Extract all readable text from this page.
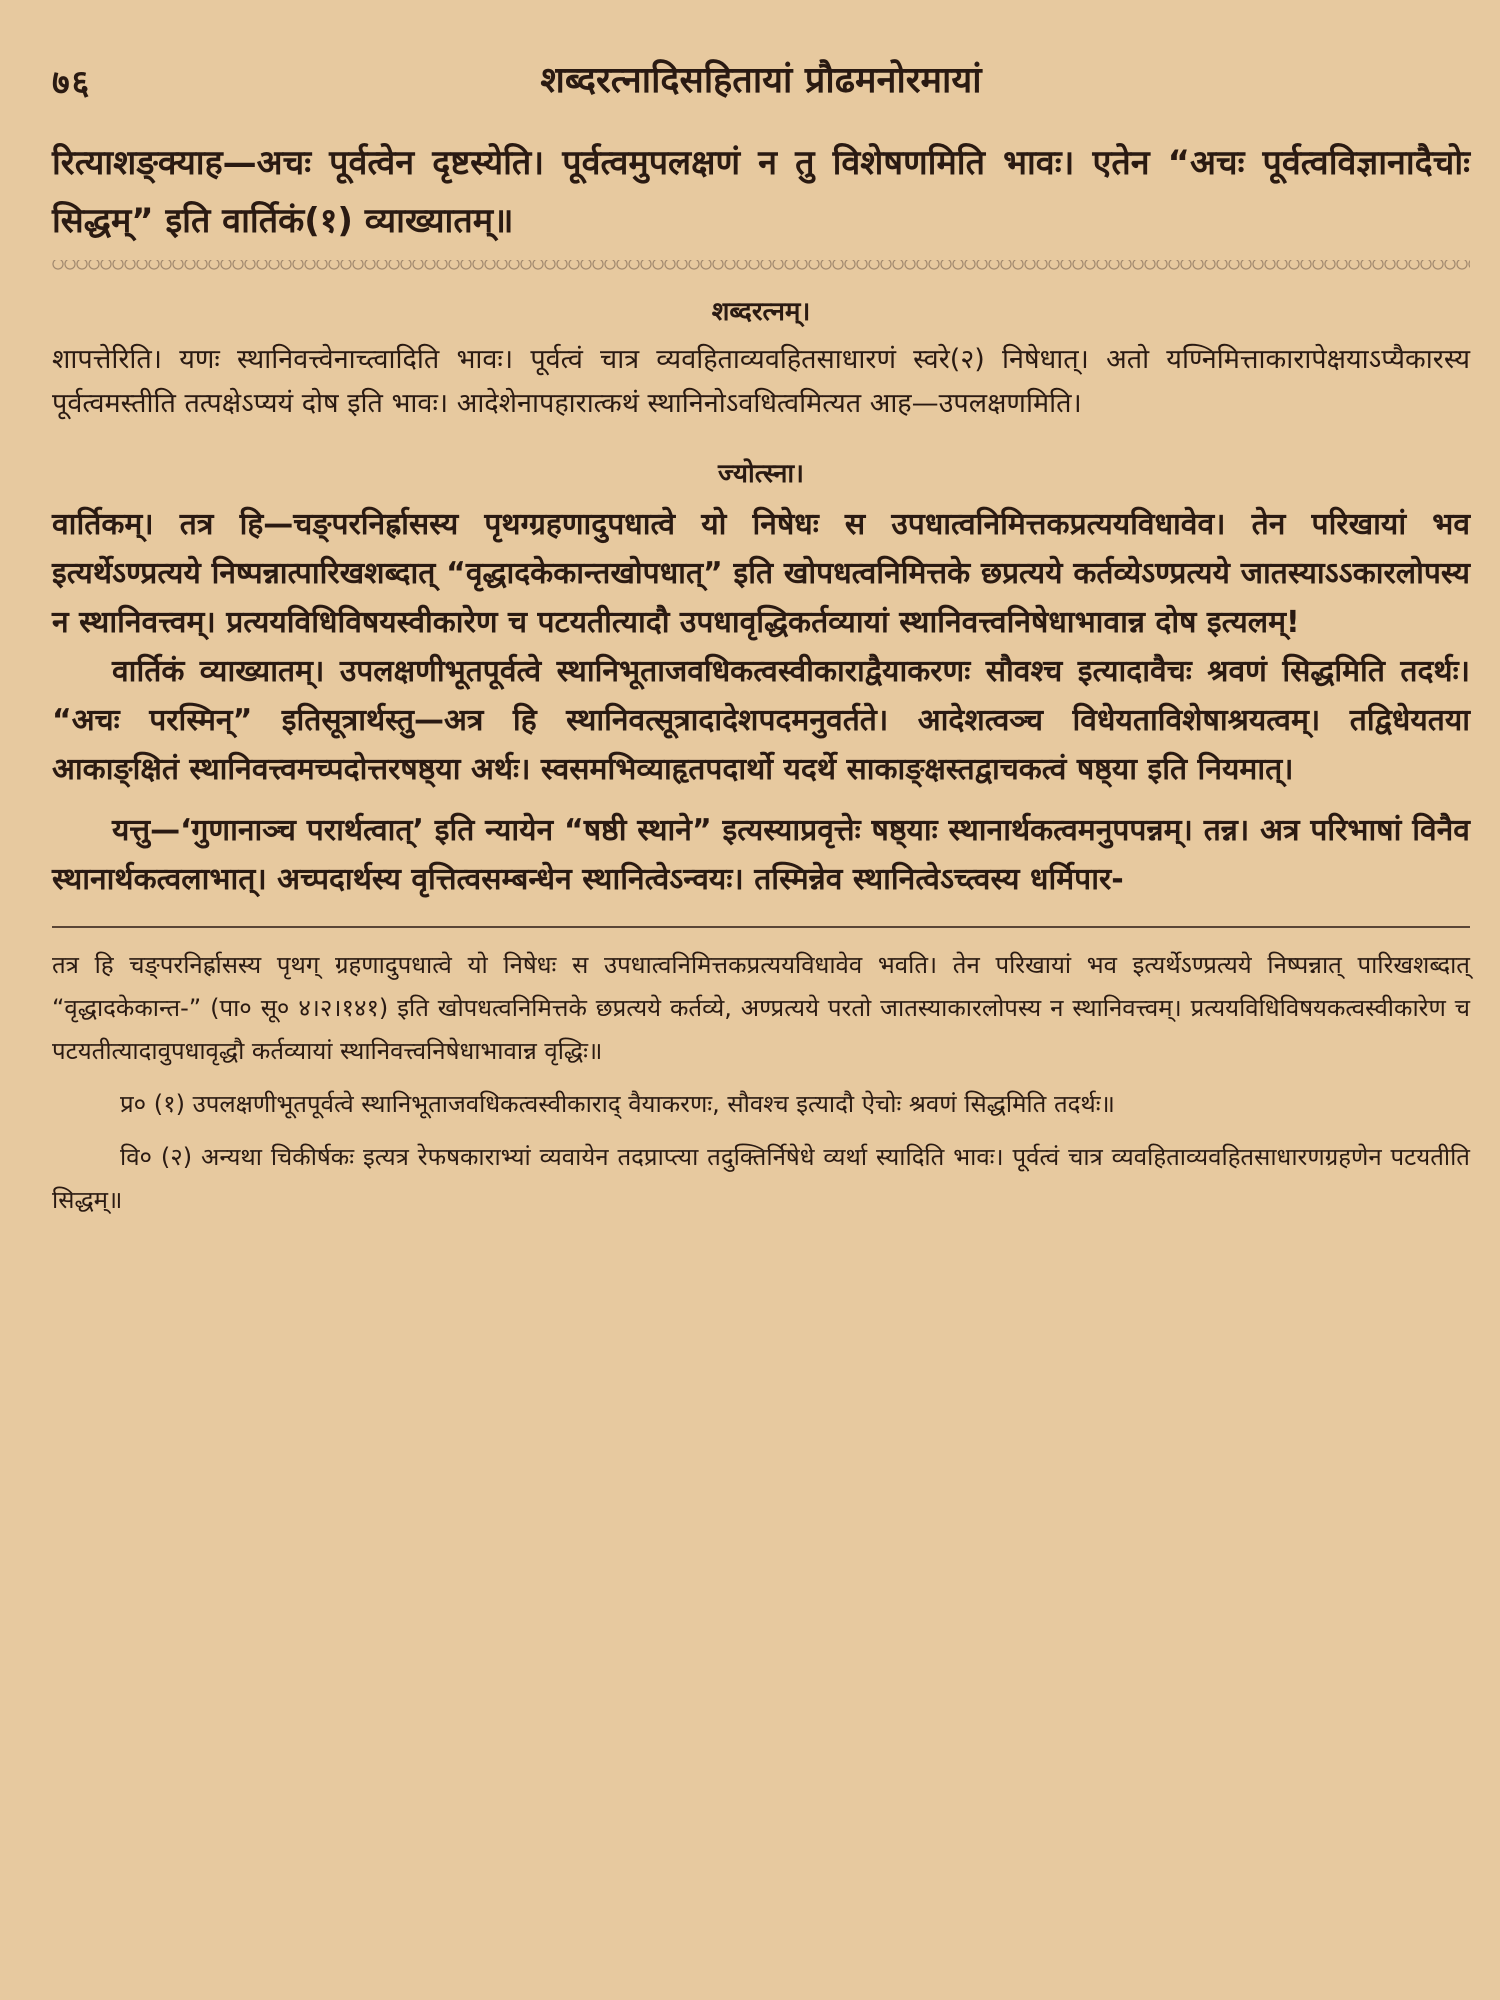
७६	शब्दरत्नादिसहितायां प्रौढमनोरमायां

रित्याशङ्क्याह—अचः पूर्वत्वेन दृष्टस्येति। पूर्वत्वमुपलक्षणं न तु विशेषणमिति भावः। एतेन “अचः पूर्वत्वविज्ञानादैचोः सिद्धम्” इति वार्तिकं(१) व्याख्यातम्॥

शब्दरत्नम्।

शापत्तेरिति। यणः स्थानिवत्त्वेनाच्त्वादिति भावः। पूर्वत्वं चात्र व्यवहिताव्यवहितसाधारणं स्वरे(२) निषेधात्। अतो यण्निमित्ताकारापेक्षयाऽप्यैकारस्य पूर्वत्वमस्तीति तत्पक्षेऽप्ययं दोष इति भावः। आदेशेनापहारात्कथं स्थानिनोऽवधित्वमित्यत आह—उपलक्षणमिति।

ज्योत्स्ना।

वार्तिकम्। तत्र हि—चङ्परनिर्ह्रासस्य पृथग्ग्रहणादुपधात्वे यो निषेधः स उपधात्वनिमित्तकप्रत्ययविधावेव। तेन परिखायां भव इत्यर्थेऽण्प्रत्यये निष्पन्नात्पारिखशब्दात् “वृद्धादकेकान्तखोपधात्” इति खोपधत्वनिमित्तके छप्रत्यये कर्तव्येऽण्प्रत्यये जातस्याऽऽकारलोपस्य न स्थानिवत्त्वम्। प्रत्ययविधिविषयस्वीकारेण च पटयतीत्यादौ उपधावृद्धिकर्तव्यायां स्थानिवत्त्वनिषेधाभावान्न दोष इत्यलम्!

वार्तिकं व्याख्यातम्। उपलक्षणीभूतपूर्वत्वे स्थानिभूताजवधिकत्वस्वीकाराद्वैयाकरणः सौवश्च इत्यादावैचः श्रवणं सिद्धमिति तदर्थः। “अचः परस्मिन्” इतिसूत्रार्थस्तु—अत्र हि स्थानिवत्सूत्रादादेशपदमनुवर्तते। आदेशत्वञ्च विधेयताविशेषाश्रयत्वम्। तद्विधेयतया आकाङ्क्षितं स्थानिवत्त्वमच्पदोत्तरषष्ठ्या अर्थः। स्वसमभिव्याहृतपदार्थो यदर्थे साकाङ्क्षस्तद्वाचकत्वं षष्ठ्या इति नियमात्।

यत्तु—‘गुणानाञ्च परार्थत्वात्’ इति न्यायेन “षष्ठी स्थाने” इत्यस्याप्रवृत्तेः षष्ठ्याः स्थानार्थकत्वमनुपपन्नम्। तन्न। अत्र परिभाषां विनैव स्थानार्थकत्वलाभात्। अच्पदार्थस्य वृत्तित्वसम्बन्धेन स्थानित्वेऽन्वयः। तस्मिन्नेव स्थानित्वेऽच्त्वस्य धर्मिपार-

तत्र हि चङ्परनिर्ह्रासस्य पृथग् ग्रहणादुपधात्वे यो निषेधः स उपधात्वनिमित्तकप्रत्ययविधावेव भवति। तेन परिखायां भव इत्यर्थेऽण्प्रत्यये निष्पन्नात् पारिखशब्दात् “वृद्धादकेकान्त-” (पा० सू० ४।२।१४१) इति खोपधत्वनिमित्तके छप्रत्यये कर्तव्ये, अण्प्रत्यये परतो जातस्याकारलोपस्य न स्थानिवत्त्वम्। प्रत्ययविधिविषयकत्वस्वीकारेण च पटयतीत्यादावुपधावृद्धौ कर्तव्यायां स्थानिवत्त्वनिषेधाभावान्न वृद्धिः॥

प्र० (१) उपलक्षणीभूतपूर्वत्वे स्थानिभूताजवधिकत्वस्वीकाराद् वैयाकरणः, सौवश्च इत्यादौ ऐचोः श्रवणं सिद्धमिति तदर्थः॥

वि० (२) अन्यथा चिकीर्षकः इत्यत्र रेफषकाराभ्यां व्यवायेन तदप्राप्त्या तदुक्तिर्निषेधे व्यर्था स्यादिति भावः। पूर्वत्वं चात्र व्यवहिताव्यवहितसाधारणग्रहणेन पटयतीति सिद्धम्॥
